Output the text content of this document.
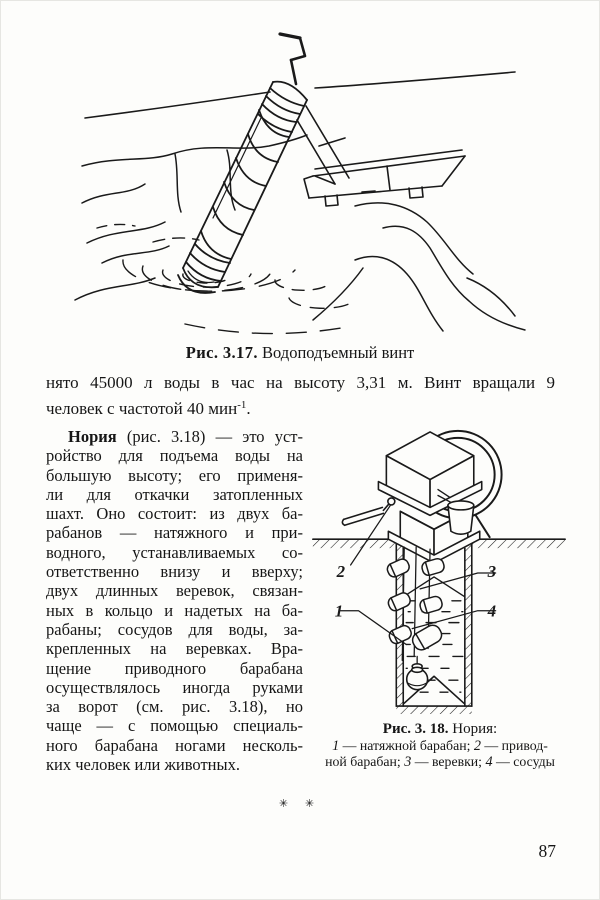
Рис. 3.17. Водоподъемный винт
нято 45000 л воды в час на высоту 3,31 м. Винт вращали 9
человек с частотой 40 мин$^{-1}$.
Нория (рис. 3.18) — это уст-
ройство для подъема воды на
большую высоту; его применя-
ли для откачки затопленных
шахт. Оно состоит: из двух ба-
рабанов — натяжного и при-
водного, устанавливаемых со-
ответственно внизу и вверху;
двух длинных веревок, связан-
ных в кольцо и надетых на ба-
рабаны; сосудов для воды, за-
крепленных на веревках. Вра-
щение приводного барабана
осуществлялось иногда руками
за ворот (см. рис. 3.18), но
чаще — с помощью специаль-
ного барабана ногами несколь-
ких человек или животных.
2	3
1	4
Рис. 3. 18. Нория:
1 — натяжной барабан; 2 — привод-
ной барабан; 3 — веревки; 4 — сосуды
✳ ✳
87
